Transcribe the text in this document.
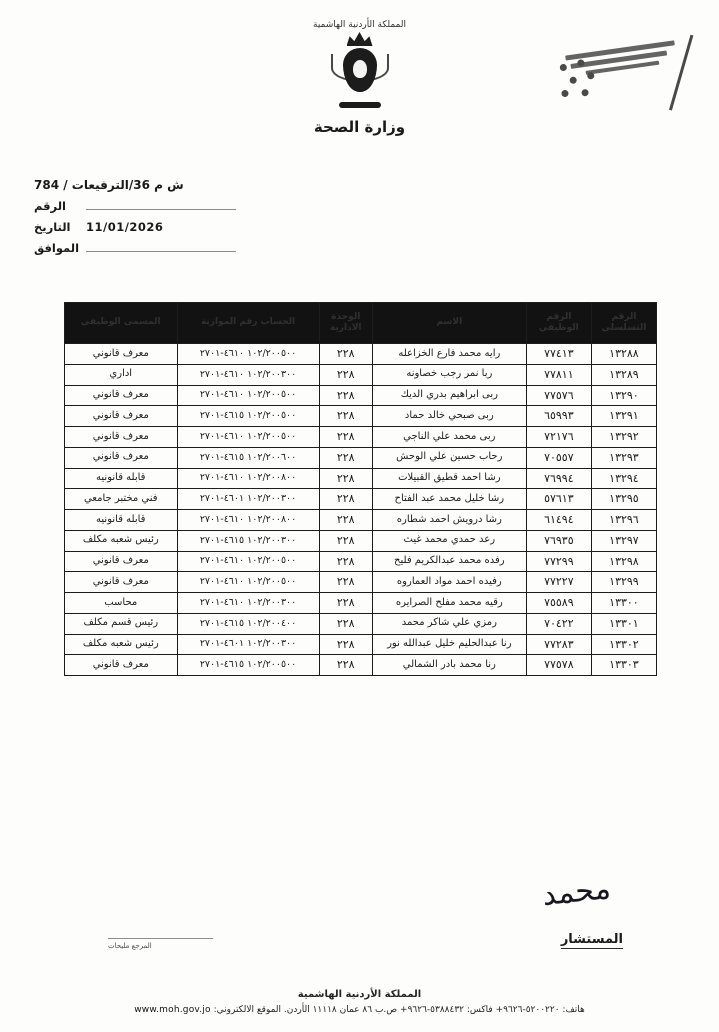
المملكة الأردنية الهاشمية
وزارة الصحة
ش م 36/الترفيعات / 784
الرقم
11/01/2026
التاريخ
الموافق
الرقم التسلسلي	الرقم الوظيفي	الاسم	الوحدة الادارية	الحساب رقم الموازنة	المسمى الوظيفي

١٣٢٨٨	٧٧٤١٣	رايه محمد فارع الخزاعله	٢٢٨	١٠٢/٢٠٠٥٠٠ ٤٦١٠-٢٧٠١	معرف قانوني
١٣٢٨٩	٧٧٨١١	ربا نمر رجب خصاونه	٢٢٨	١٠٢/٢٠٠٣٠٠ ٤٦١٠-٢٧٠١	اداري
١٣٢٩٠	٧٧٥٧٦	ربى ابراهيم بدري الديك	٢٢٨	١٠٢/٢٠٠٥٠٠ ٤٦١٠-٢٧٠١	معرف قانوني
١٣٢٩١	٦٥٩٩٣	ربى صبحي خالد حماد	٢٢٨	١٠٢/٢٠٠٥٠٠ ٤٦١٥-٢٧٠١	معرف قانوني
١٣٢٩٢	٧٢١٧٦	ربى محمد علي الناجي	٢٢٨	١٠٢/٢٠٠٥٠٠ ٤٦١٠-٢٧٠١	معرف قانوني
١٣٢٩٣	٧٠٥٥٧	رحاب حسين علي الوحش	٢٢٨	١٠٢/٢٠٠٦٠٠ ٤٦١٥-٢٧٠١	معرف قانوني
١٣٢٩٤	٧٦٩٩٤	رشا احمد قطيق القبيلات	٢٢٨	١٠٢/٢٠٠٨٠٠ ٤٦١٠-٢٧٠١	قابله قانونيه
١٣٢٩٥	٥٧٦١٣	رشا خليل محمد عبد الفتاح	٢٢٨	١٠٢/٢٠٠٣٠٠ ٤٦٠١-٢٧٠١	فني مختبر جامعي
١٣٢٩٦	٦١٤٩٤	رشا درويش احمد شطاره	٢٢٨	١٠٢/٢٠٠٨٠٠ ٤٦١٠-٢٧٠١	قابله قانونيه
١٣٢٩٧	٧٦٩٣٥	رعد حمدي محمد غيث	٢٢٨	١٠٢/٢٠٠٣٠٠ ٤٦١٥-٢٧٠١	رئيس شعبه مكلف
١٣٢٩٨	٧٧٢٩٩	رفده محمد عبدالكريم فليح	٢٢٨	١٠٢/٢٠٠٥٠٠ ٤٦١٠-٢٧٠١	معرف قانوني
١٣٢٩٩	٧٧٢٢٧	رفيده احمد مواد العماروه	٢٢٨	١٠٢/٢٠٠٥٠٠ ٤٦١٠-٢٧٠١	معرف قانوني
١٣٣٠٠	٧٥٥٨٩	رقيه محمد مفلح الصرايره	٢٢٨	١٠٢/٢٠٠٣٠٠ ٤٦١٠-٢٧٠١	محاسب
١٣٣٠١	٧٠٤٢٢	رمزي علي شاكر محمد	٢٢٨	١٠٢/٢٠٠٤٠٠ ٤٦١٥-٢٧٠١	رئيس قسم مكلف
١٣٣٠٢	٧٧٢٨٣	رنا عبدالحليم خليل عبدالله نور	٢٢٨	١٠٢/٢٠٠٣٠٠ ٤٦٠١-٢٧٠١	رئيس شعبه مكلف
١٣٣٠٣	٧٧٥٧٨	رنا محمد بادر الشمالي	٢٢٨	١٠٢/٢٠٠٥٠٠ ٤٦١٥-٢٧٠١	معرف قانوني
ﻣﺤﻤﺪ
المستشار
المرجع مليحات
المملكة الأردنية الهاشمية
هاتف: ٥٢٠٠٢٢٠-٩٦٢٦+ فاكس: ٥٣٨٨٤٣٢-٩٦٢٦+ ص.ب ٨٦ عمان ١١١١٨ الأردن. الموقع الالكتروني: www.moh.gov.jo
